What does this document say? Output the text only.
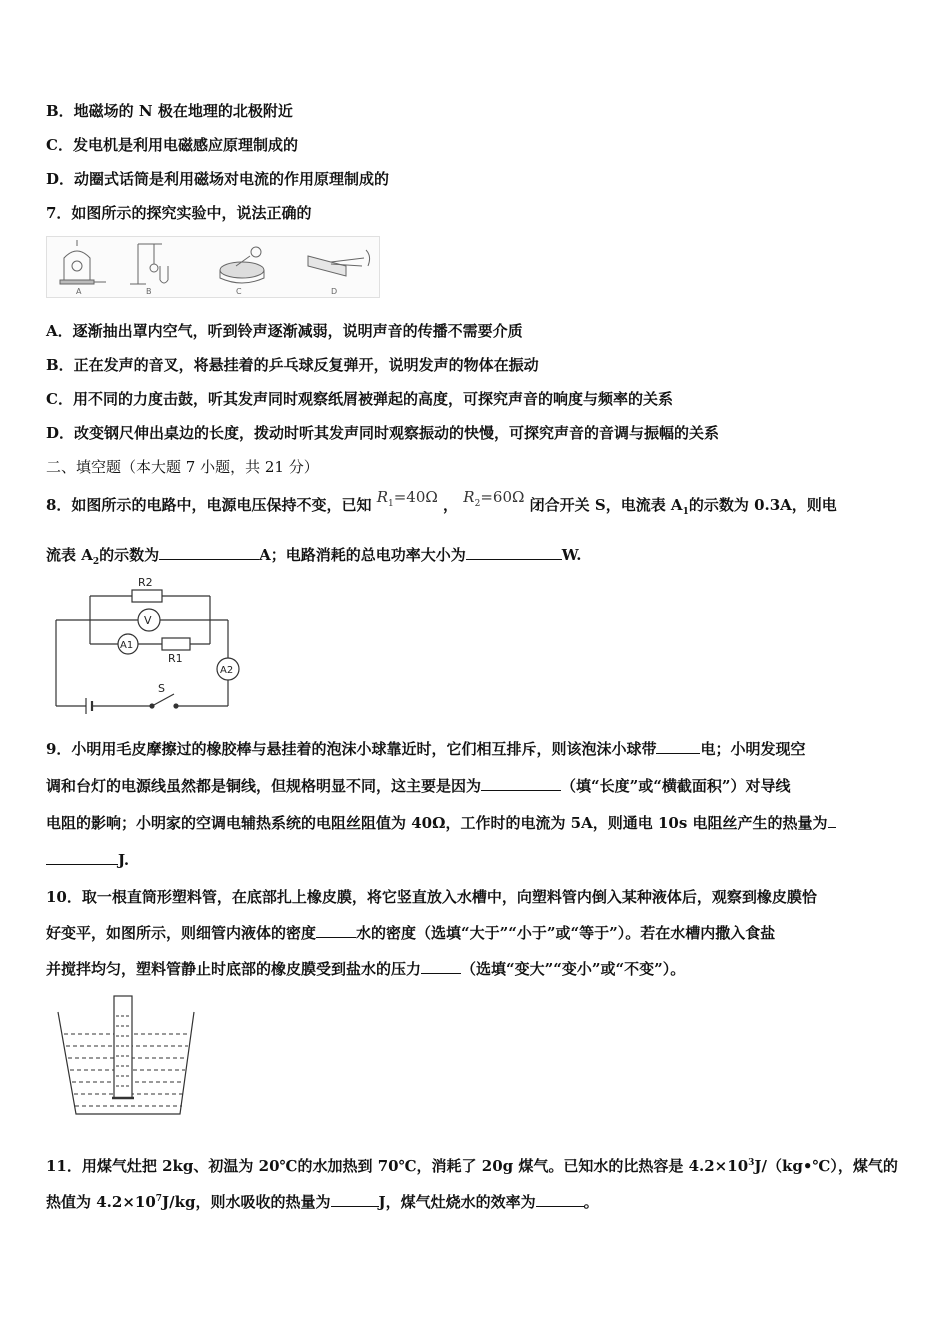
B．地磁场的 N 极在地理的北极附近
C．发电机是利用电磁感应原理制成的
D．动圈式话筒是利用磁场对电流的作用原理制成的
7．如图所示的探究实验中，说法正确的
A	B	C	D
A．逐渐抽出罩内空气，听到铃声逐渐减弱，说明声音的传播不需要介质
B．正在发声的音叉，将悬挂着的乒乓球反复弹开，说明发声的物体在振动
C．用不同的力度击鼓，听其发声同时观察纸屑被弹起的高度，可探究声音的响度与频率的关系
D．改变钢尺伸出桌边的长度，拨动时听其发声同时观察振动的快慢，可探究声音的音调与振幅的关系
二、填空题（本大题 7 小题，共 21 分）
8．如图所示的电路中，电源电压保持不变，已知 $R_1=40\Omega$ ， $R_2=60\Omega$ 闭合开关 S，电流表 $A_1$的示数为 0.3A，则电
流表 $A_2$的示数为	A；电路消耗的总电功率大小为	W.
R2
V
A1
R1
A2
S
9．小明用毛皮摩擦过的橡胶棒与悬挂着的泡沫小球靠近时，它们相互排斥，则该泡沫小球带	电；小明发现空
调和台灯的电源线虽然都是铜线，但规格明显不同，这主要是因为	（填“长度”或“横截面积”）对导线
电阻的影响；小明家的空调电辅热系统的电阻丝阻值为 40Ω，工作时的电流为 5A，则通电 10s 电阻丝产生的热量为
J.
10．取一根直筒形塑料管，在底部扎上橡皮膜，将它竖直放入水槽中，向塑料管内倒入某种液体后，观察到橡皮膜恰
好变平，如图所示，则细管内液体的密度	水的密度（选填“大于”“小于”或“等于”）。若在水槽内撒入食盐
并搅拌均匀，塑料管静止时底部的橡皮膜受到盐水的压力	（选填“变大”“变小”或“不变”）。
11．用煤气灶把 2kg、初温为 20℃的水加热到 70℃，消耗了 20g 煤气。已知水的比热容是 $4.2\times 10^3J/(kg•℃)$，煤气的
热值为 $4.2\times 10^7J/kg$，则水吸收的热量为	J，煤气灶烧水的效率为	。
